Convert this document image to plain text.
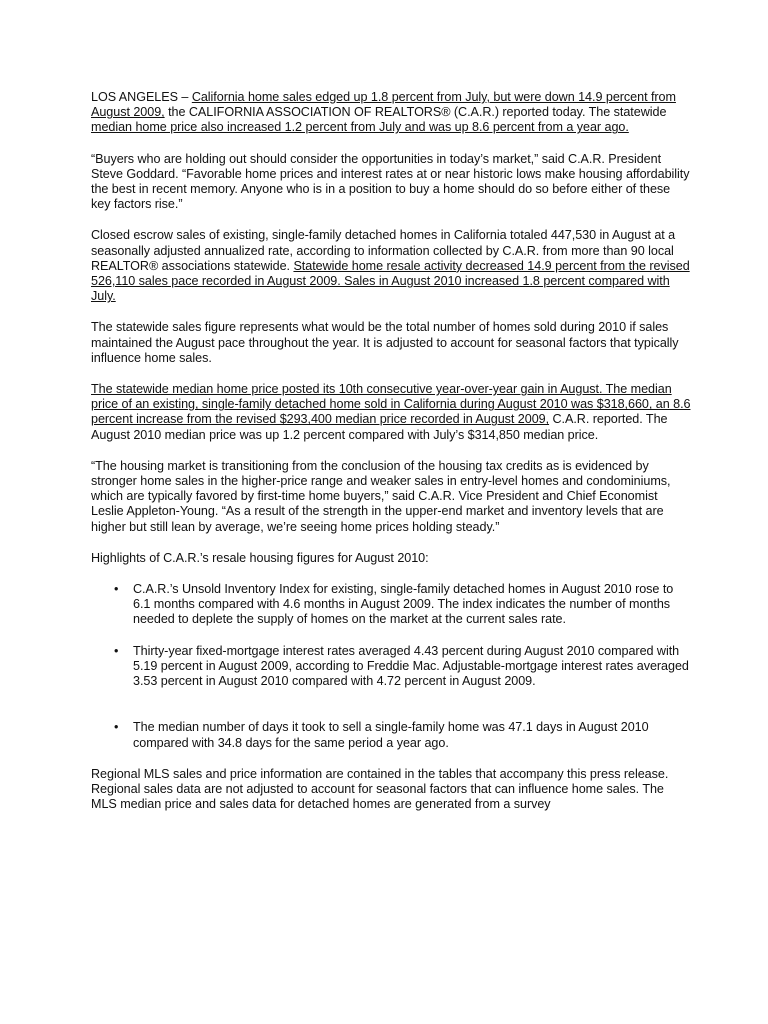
LOS ANGELES – California home sales edged up 1.8 percent from July, but were down 14.9 percent from August 2009, the CALIFORNIA ASSOCIATION OF REALTORS® (C.A.R.) reported today. The statewide median home price also increased 1.2 percent from July and was up 8.6 percent from a year ago.

“Buyers who are holding out should consider the opportunities in today’s market,” said C.A.R. President Steve Goddard. “Favorable home prices and interest rates at or near historic lows make housing affordability the best in recent memory. Anyone who is in a position to buy a home should do so before either of these key factors rise.”

Closed escrow sales of existing, single-family detached homes in California totaled 447,530 in August at a seasonally adjusted annualized rate, according to information collected by C.A.R. from more than 90 local REALTOR® associations statewide. Statewide home resale activity decreased 14.9 percent from the revised 526,110 sales pace recorded in August 2009. Sales in August 2010 increased 1.8 percent compared with July.

The statewide sales figure represents what would be the total number of homes sold during 2010 if sales maintained the August pace throughout the year. It is adjusted to account for seasonal factors that typically influence home sales.

The statewide median home price posted its 10th consecutive year-over-year gain in August. The median price of an existing, single-family detached home sold in California during August 2010 was $318,660, an 8.6 percent increase from the revised $293,400 median price recorded in August 2009, C.A.R. reported. The August 2010 median price was up 1.2 percent compared with July’s $314,850 median price.

“The housing market is transitioning from the conclusion of the housing tax credits as is evidenced by stronger home sales in the higher-price range and weaker sales in entry-level homes and condominiums, which are typically favored by first-time home buyers,” said C.A.R. Vice President and Chief Economist Leslie Appleton-Young. “As a result of the strength in the upper-end market and inventory levels that are higher but still lean by average, we’re seeing home prices holding steady.”

Highlights of C.A.R.’s resale housing figures for August 2010:

• C.A.R.’s Unsold Inventory Index for existing, single-family detached homes in August 2010 rose to 6.1 months compared with 4.6 months in August 2009. The index indicates the number of months needed to deplete the supply of homes on the market at the current sales rate.
• Thirty-year fixed-mortgage interest rates averaged 4.43 percent during August 2010 compared with 5.19 percent in August 2009, according to Freddie Mac. Adjustable-mortgage interest rates averaged 3.53 percent in August 2010 compared with 4.72 percent in August 2009.
• The median number of days it took to sell a single-family home was 47.1 days in August 2010 compared with 34.8 days for the same period a year ago.

Regional MLS sales and price information are contained in the tables that accompany this press release. Regional sales data are not adjusted to account for seasonal factors that can influence home sales. The MLS median price and sales data for detached homes are generated from a survey
